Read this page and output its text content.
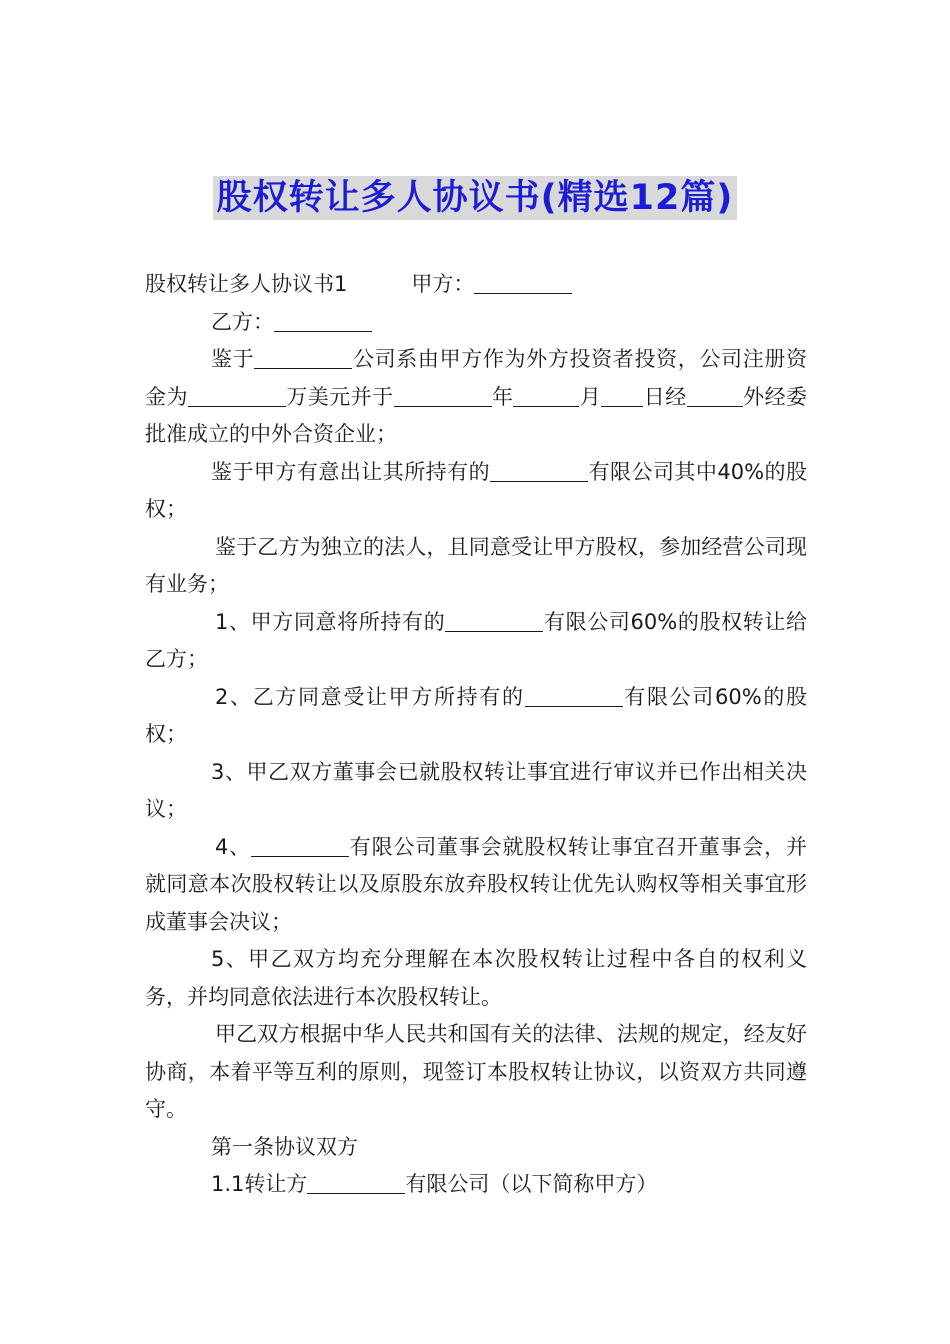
股权转让多人协议书(精选12篇)

股权转让多人协议书1	甲方：

乙方：

鉴于	公司系由甲方作为外方投资者投资，公司注册资金为	万美元并于	年	月 日经	外经委批准成立的中外合资企业；

鉴于甲方有意出让其所持有的	有限公司其中40%的股权；

鉴于乙方为独立的法人，且同意受让甲方股权，参加经营公司现有业务；

1、甲方同意将所持有的	有限公司60%的股权转让给乙方；

2、乙方同意受让甲方所持有的	有限公司60%的股权；

3、甲乙双方董事会已就股权转让事宜进行审议并已作出相关决议；

4、	有限公司董事会就股权转让事宜召开董事会，并就同意本次股权转让以及原股东放弃股权转让优先认购权等相关事宜形成董事会决议；

5、甲乙双方均充分理解在本次股权转让过程中各自的权利义务，并均同意依法进行本次股权转让。

甲乙双方根据中华人民共和国有关的法律、法规的规定，经友好协商，本着平等互利的原则，现签订本股权转让协议，以资双方共同遵守。

第一条协议双方

1.1转让方	有限公司（以下简称甲方）
